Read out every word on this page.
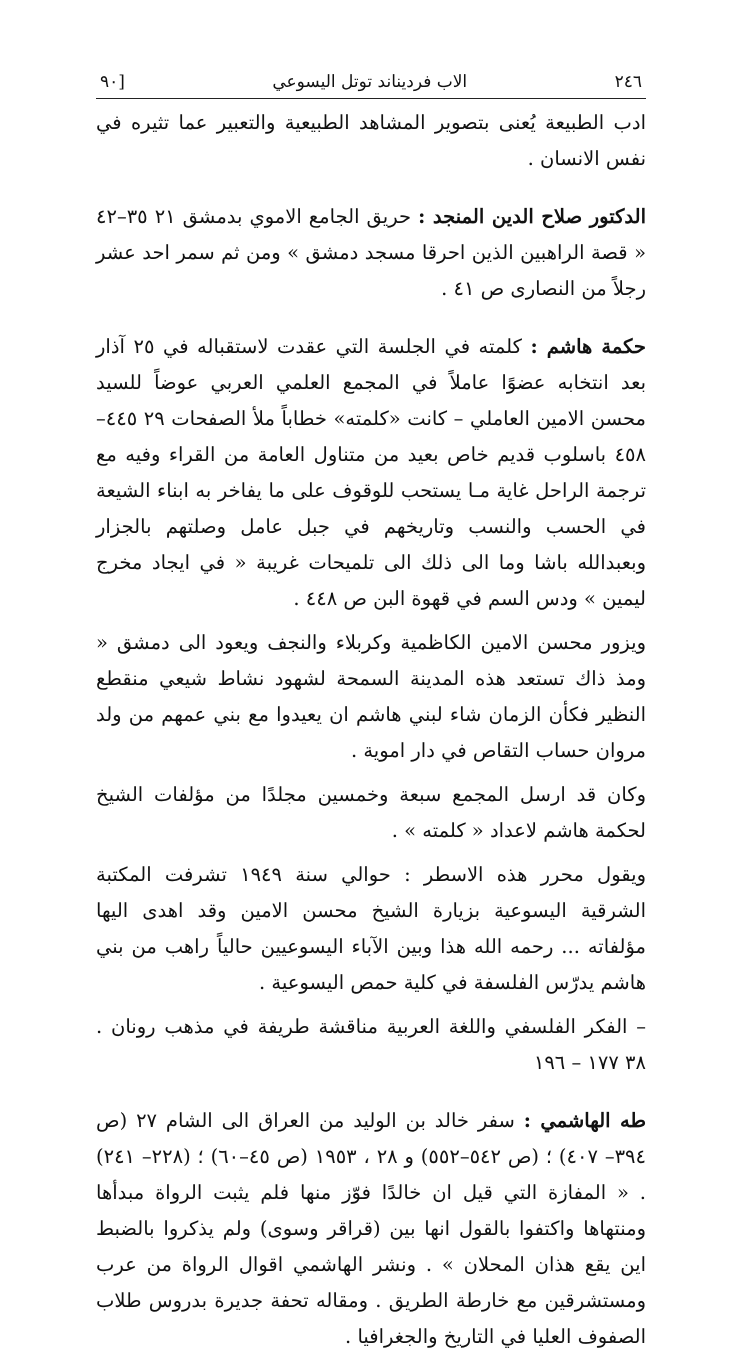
٢٤٦
الاب فرديناند توتل اليسوعي
[٩٠

ادب الطبيعة يُعنى بتصوير المشاهد الطبيعية والتعبير عما تثيره في نفس الانسان .

الدكتور صلاح الدين المنجد : حريق الجامع الاموي بدمشق ٢١ ٣٥–٤٢ « قصة الراهبين الذين احرقا مسجد دمشق » ومن ثم سمر احد عشر رجلاً من النصارى ص ٤١ .

حكمة هاشم : كلمته في الجلسة التي عقدت لاستقباله في ٢٥ آذار بعد انتخابه عضوًا عاملاً في المجمع العلمي العربي عوضاً للسيد محسن الامين العاملي – كانت «كلمته» خطاباً ملأ الصفحات ٢٩ ٤٤٥–٤٥٨ باسلوب قديم خاص بعيد من متناول العامة من القراء وفيه مع ترجمة الراحل غاية مـا يستحب للوقوف على ما يفاخر به ابناء الشيعة في الحسب والنسب وتاريخهم في جبل عامل وصلتهم بالجزار وبعبدالله باشا وما الى ذلك الى تلميحات غريبة « في ايجاد مخرج ليمين » ودس السم في قهوة البن ص ٤٤٨ .

ويزور محسن الامين الكاظمية وكربلاء والنجف ويعود الى دمشق « ومذ ذاك تستعد هذه المدينة السمحة لشهود نشاط شيعي منقطع النظير فكأن الزمان شاء لبني هاشم ان يعيدوا مع بني عمهم من ولد مروان حساب التقاص في دار اموية .

وكان قد ارسل المجمع سبعة وخمسين مجلدًا من مؤلفات الشيخ لحكمة هاشم لاعداد « كلمته » .

ويقول محرر هذه الاسطر : حوالي سنة ١٩٤٩ تشرفت المكتبة الشرقية اليسوعية بزيارة الشيخ محسن الامين وقد اهدى اليها مؤلفاته ... رحمه الله هذا وبين الآباء اليسوعيين حالياً راهب من بني هاشم يدرّس الفلسفة في كلية حمص اليسوعية .

– الفكر الفلسفي واللغة العربية مناقشة طريفة في مذهب رونان . ٣٨ ١٧٧ – ١٩٦

طه الهاشمي : سفر خالد بن الوليد من العراق الى الشام ٢٧ (ص ٣٩٤– ٤٠٧) ؛ (ص ٥٤٢–٥٥٢) و ٢٨ ، ١٩٥٣ (ص ٤٥–٦٠) ؛ (٢٢٨– ٢٤١) . « المفازة التي قيل ان خالدًا فوّز منها فلم يثبت الرواة مبدأها ومنتهاها واكتفوا بالقول انها بين (قراقر وسوى) ولم يذكروا بالضبط اين يقع هذان المحلان » . ونشر الهاشمي اقوال الرواة من عرب ومستشرقين مع خارطة الطريق . ومقاله تحفة جديرة بدروس طلاب الصفوف العليا في التاريخ والجغرافيا .
